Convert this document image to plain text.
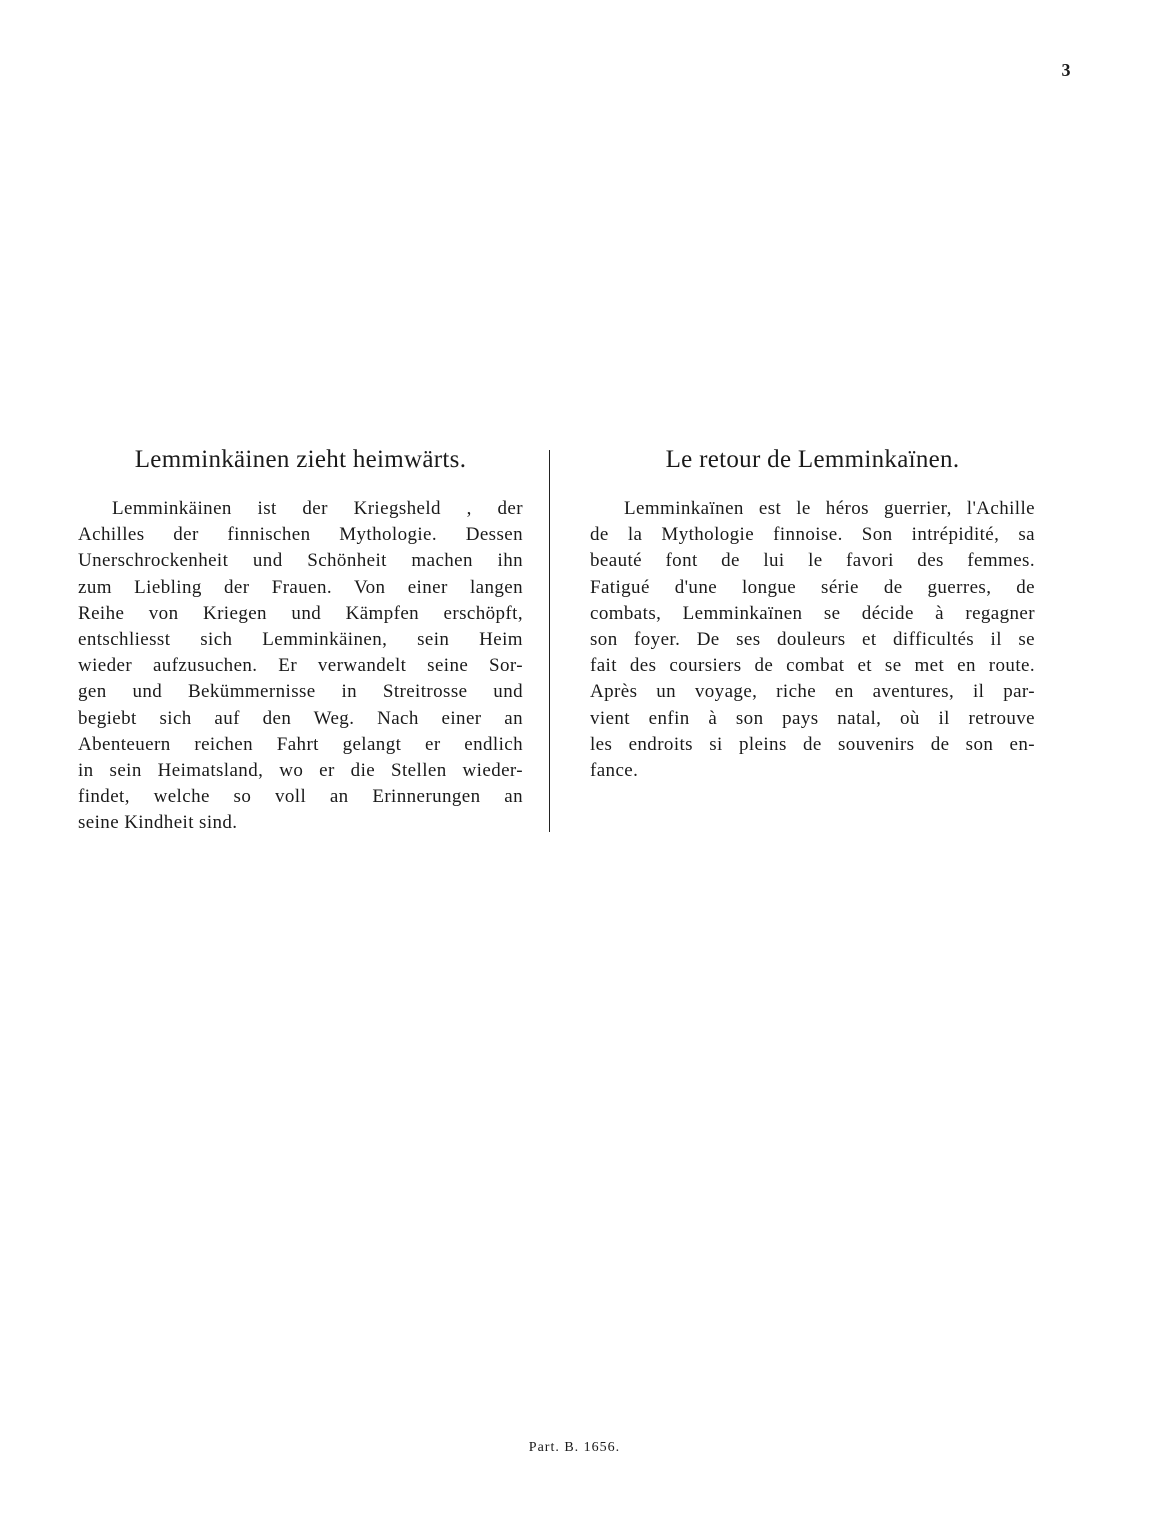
3
Lemminkäinen zieht heimwärts.
Lemminkäinen ist der Kriegsheld , der
Achilles der finnischen Mythologie. Dessen
Unerschrockenheit und Schönheit machen ihn
zum Liebling der Frauen. Von einer langen
Reihe von Kriegen und Kämpfen erschöpft,
entschliesst sich Lemminkäinen, sein Heim
wieder aufzusuchen. Er verwandelt seine Sor-
gen und Bekümmernisse in Streitrosse und
begiebt sich auf den Weg. Nach einer an
Abenteuern reichen Fahrt gelangt er endlich
in sein Heimatsland, wo er die Stellen wieder-
findet, welche so voll an Erinnerungen an
seine Kindheit sind.
Le retour de Lemminkaïnen.
Lemminkaïnen est le héros guerrier, l'Achille
de la Mythologie finnoise. Son intrépidité, sa
beauté font de lui le favori des femmes.
Fatigué d'une longue série de guerres, de
combats, Lemminkaïnen se décide à regagner
son foyer. De ses douleurs et difficultés il se
fait des coursiers de combat et se met en route.
Après un voyage, riche en aventures, il par-
vient enfin à son pays natal, où il retrouve
les endroits si pleins de souvenirs de son en-
fance.
Part. B. 1656.
